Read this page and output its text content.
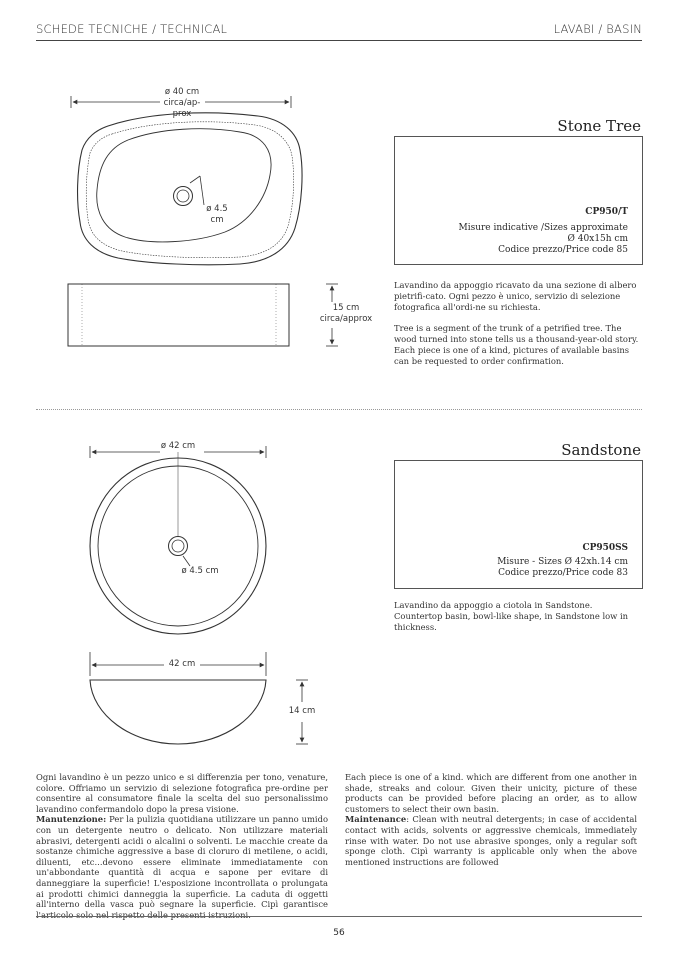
SCHEDE TECNICHE / TECHNICAL	LAVABI / BASIN
ø 40 cm
circa/ap-
prox
ø 4.5
cm
15 cm
circa/approx
Stone Tree
CP950/T
Misure indicative /Sizes approximate
Ø 40x15h cm
Codice prezzo/Price code 85

Lavandino da appoggio ricavato da una sezione di albero pietrifi-cato. Ogni pezzo è unico, servizio di selezione fotografica all'ordi-ne su richiesta.

Tree is a segment of the trunk of a petrified tree. The wood turned into stone tells us a thousand-year-old story. Each piece is one of a kind, pictures of available basins can be requested to order confirmation.

ø 42 cm
ø 4.5 cm
42 cm
14 cm
Sandstone
CP950SS
Misure - Sizes Ø 42xh.14 cm
Codice prezzo/Price code 83
Lavandino da appoggio a ciotola in Sandstone.
Countertop basin, bowl-like shape, in Sandstone low in thickness.
Ogni lavandino è un pezzo unico e si differenzia per tono, venature, colore. Offriamo un servizio di selezione fotografica pre-ordine per consentire al consumatore finale la scelta del suo personalissimo lavandino confermandolo dopo la presa visione.
Manutenzione: Per la pulizia quotidiana utilizzare un panno umido con un detergente neutro o delicato. Non utilizzare materiali abrasivi, detergenti acidi o alcalini o solventi. Le macchie create da sostanze chimiche aggressive a base di cloruro di metilene, o acidi, diluenti, etc...devono essere eliminate immediatamente con un'abbondante quantità di acqua e sapone per evitare di danneggiare la superficie! L'esposizione incontrollata o prolungata ai prodotti chimici danneggia la superficie. La caduta di oggetti all'interno della vasca può segnare la superficie. Cipì garantisce l'articolo solo nel rispetto delle presenti istruzioni.
Each piece is one of a kind. which are different from one another in shade, streaks and colour. Given their unicity, picture of these products can be provided before placing an order, as to allow customers to select their own basin.
Maintenance: Clean with neutral detergents; in case of accidental contact with acids, solvents or aggressive chemicals, immediately rinse with water. Do not use abrasive sponges, only a regular soft sponge cloth. Cipì warranty is applicable only when the above mentioned instructions are followed
56
